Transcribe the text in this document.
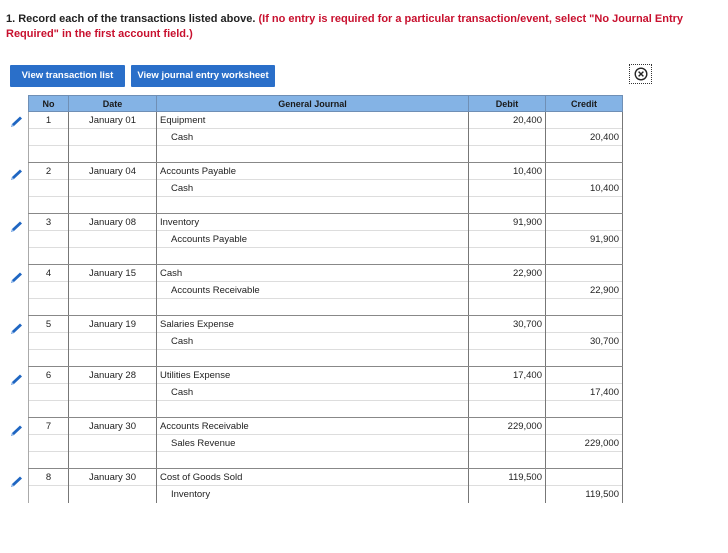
1. Record each of the transactions listed above. (If no entry is required for a particular transaction/event, select "No Journal Entry Required" in the first account field.)
View transaction list	View journal entry worksheet
No	Date	General Journal	Debit	Credit
1	January 01	Equipment	20,400	
		Cash		20,400

2	January 04	Accounts Payable	10,400	
		Cash		10,400

3	January 08	Inventory	91,900	
		Accounts Payable		91,900

4	January 15	Cash	22,900	
		Accounts Receivable		22,900

5	January 19	Salaries Expense	30,700	
		Cash		30,700

6	January 28	Utilities Expense	17,400	
		Cash		17,400

7	January 30	Accounts Receivable	229,000	
		Sales Revenue		229,000

8	January 30	Cost of Goods Sold	119,500	
		Inventory		119,500
